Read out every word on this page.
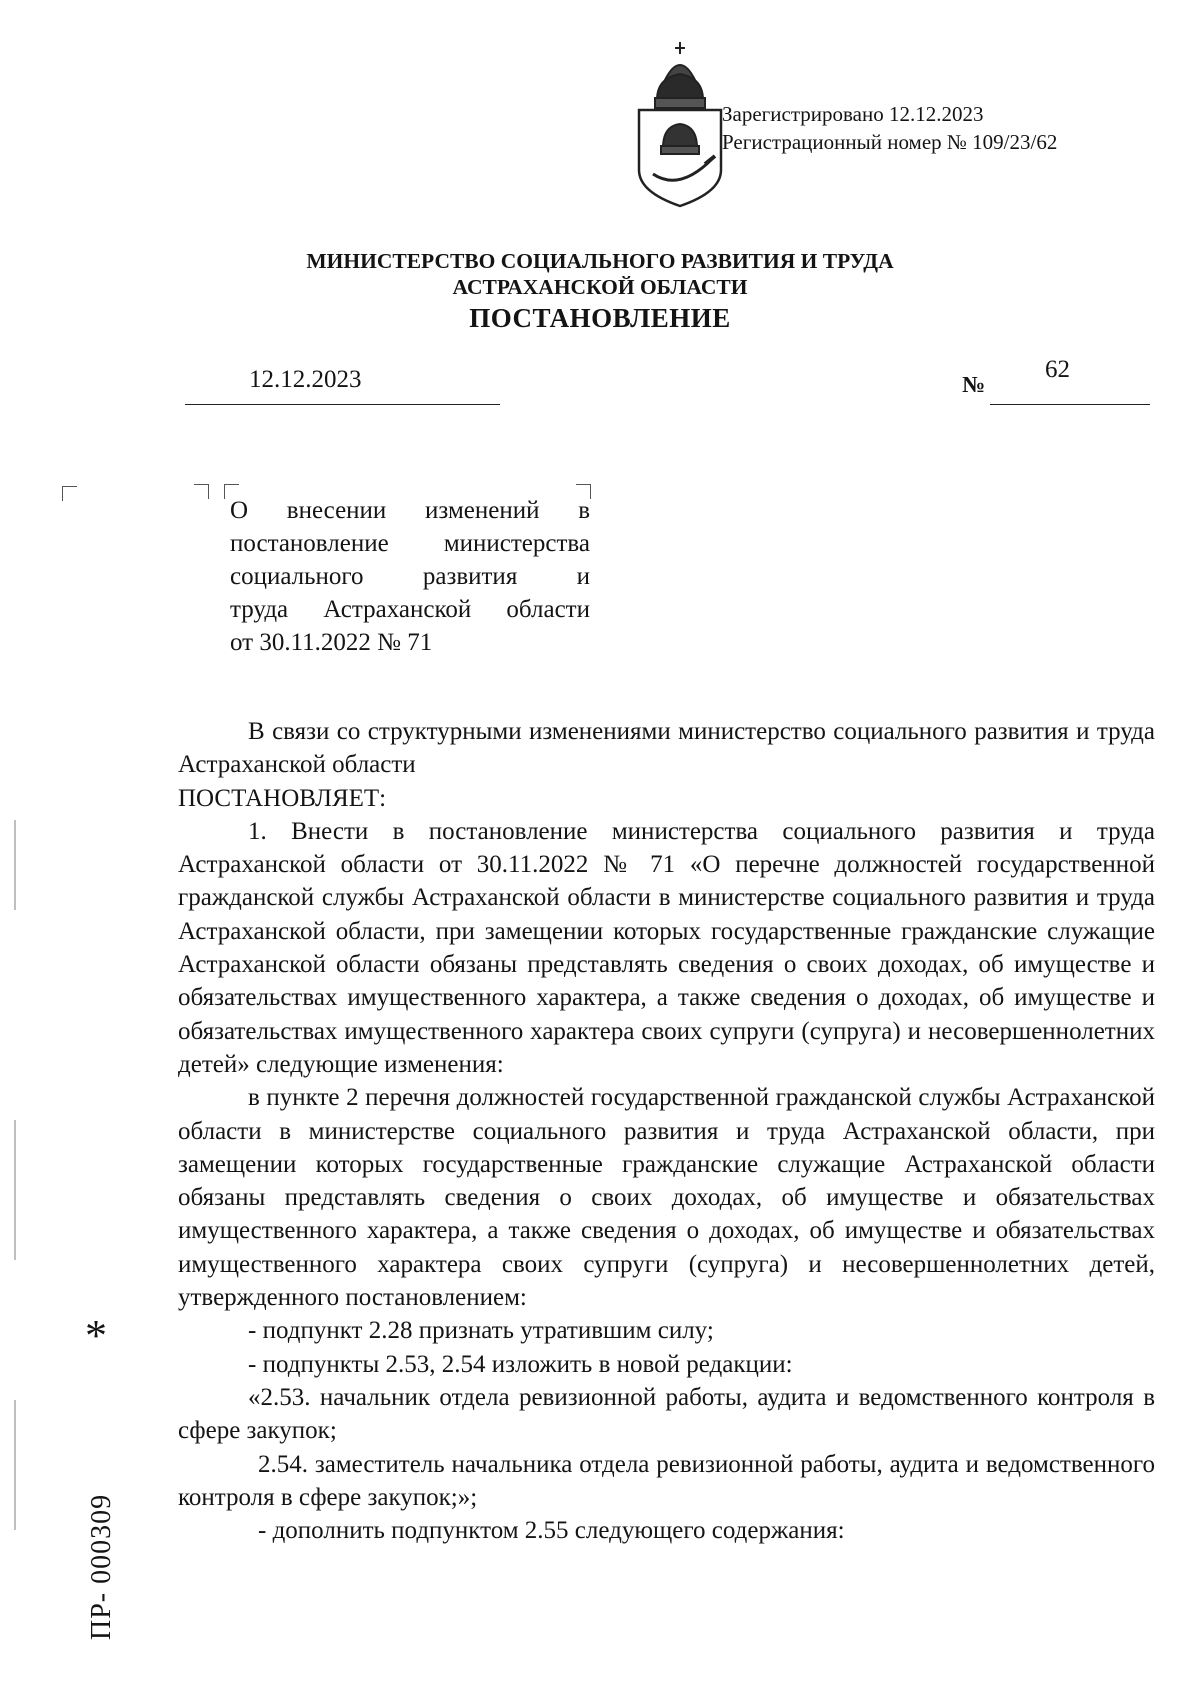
Зарегистрировано 12.12.2023
Регистрационный номер № 109/23/62
МИНИСТЕРСТВО СОЦИАЛЬНОГО РАЗВИТИЯ И ТРУДА
АСТРАХАНСКОЙ ОБЛАСТИ
ПОСТАНОВЛЕНИЕ
12.12.2023	№
62
О внесении изменений в
постановление министерства
социального развития и
труда Астраханской области
от 30.11.2022 № 71

В связи со структурными изменениями министерство социального развития и труда Астраханской области

ПОСТАНОВЛЯЕТ:

1. Внести в постановление министерства социального развития и труда Астраханской области от 30.11.2022 № 71 «О перечне должностей государственной гражданской службы Астраханской области в министерстве социального развития и труда Астраханской области, при замещении которых государственные гражданские служащие Астраханской области обязаны представлять сведения о своих доходах, об имуществе и обязательствах имущественного характера, а также сведения о доходах, об имуществе и обязательствах имущественного характера своих супруги (супруга) и несовершеннолетних детей» следующие изменения:

в пункте 2 перечня должностей государственной гражданской службы Астраханской области в министерстве социального развития и труда Астраханской области, при замещении которых государственные гражданские служащие Астраханской области обязаны представлять сведения о своих доходах, об имуществе и обязательствах имущественного характера, а также сведения о доходах, об имуществе и обязательствах имущественного характера своих супруги (супруга) и несовершеннолетних детей, утвержденного постановлением:

- подпункт 2.28 признать утратившим силу;

- подпункты 2.53, 2.54 изложить в новой редакции:

«2.53. начальник отдела ревизионной работы, аудита и ведомственного контроля в сфере закупок;

2.54. заместитель начальника отдела ревизионной работы, аудита и ведомственного контроля в сфере закупок;»;

- дополнить подпунктом 2.55 следующего содержания:

*
ПР- 000309
